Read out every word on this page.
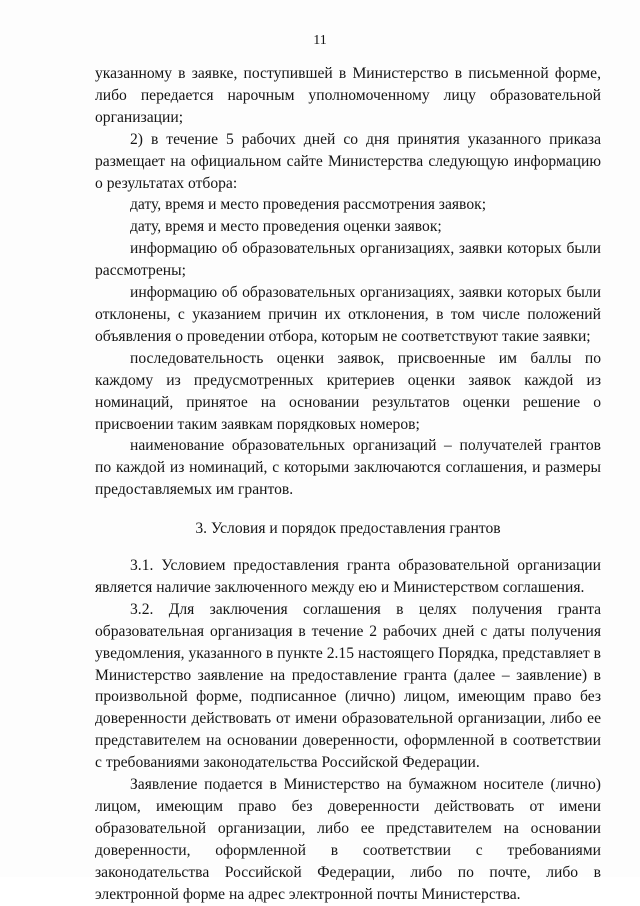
11

указанному в заявке, поступившей в Министерство в письменной форме, либо передается нарочным уполномоченному лицу образовательной организации;

2) в течение 5 рабочих дней со дня принятия указанного приказа размещает на официальном сайте Министерства следующую информацию о результатах отбора:

дату, время и место проведения рассмотрения заявок;

дату, время и место проведения оценки заявок;

информацию об образовательных организациях, заявки которых были рассмотрены;

информацию об образовательных организациях, заявки которых были отклонены, с указанием причин их отклонения, в том числе положений объявления о проведении отбора, которым не соответствуют такие заявки;

последовательность оценки заявок, присвоенные им баллы по каждому из предусмотренных критериев оценки заявок каждой из номинаций, принятое на основании результатов оценки решение о присвоении таким заявкам порядковых номеров;

наименование образовательных организаций – получателей грантов по каждой из номинаций, с которыми заключаются соглашения, и размеры предоставляемых им грантов.

3. Условия и порядок предоставления грантов

3.1. Условием предоставления гранта образовательной организации является наличие заключенного между ею и Министерством соглашения.

3.2. Для заключения соглашения в целях получения гранта образовательная организация в течение 2 рабочих дней с даты получения уведомления, указанного в пункте 2.15 настоящего Порядка, представляет в Министерство заявление на предоставление гранта (далее – заявление) в произвольной форме, подписанное (лично) лицом, имеющим право без доверенности действовать от имени образовательной организации, либо ее представителем на основании доверенности, оформленной в соответствии с требованиями законодательства Российской Федерации.

Заявление подается в Министерство на бумажном носителе (лично) лицом, имеющим право без доверенности действовать от имени образовательной организации, либо ее представителем на основании доверенности, оформленной в соответствии с требованиями законодательства Российской Федерации, либо по почте, либо в электронной форме на адрес электронной почты Министерства.
